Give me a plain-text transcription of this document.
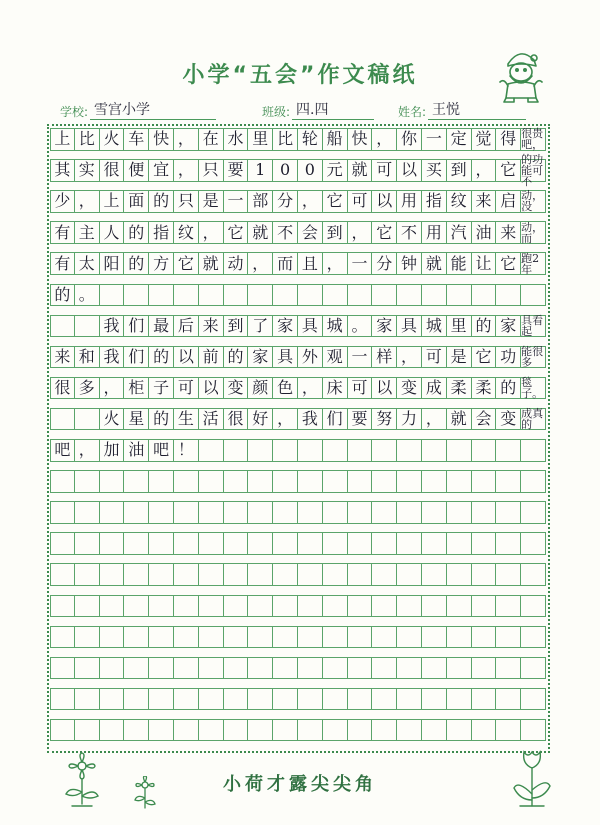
小学“五会”作文稿纸
学校: 雪宫小学	班级: 四.四	姓名: 王悦
上 比 火 车 快 ， 在 水 里 比 轮 船 快 ， 你 一 定 觉 得 很贵吧，
其 实 很 便 宜 ， 只 要 1 0 0 元 就 可 以 买 到 ， 它
的功能可不
少 ， 上 面 的 只 是 一 部 分 ， 它 可 以 用 指 纹 来 启 动，没
有 主 人 的 指 纹 ， 它 就 不 会 到 ， 它 不 用 汽 油 来 动，而
有 太 阳 的 方 它 就 动 ， 而 且 ， 一 分 钟 就 能 让 它 跑2年
的 。
我 们 最 后 来 到 了 家 具 城 。 家 具 城 里 的 家 具看起
来 和 我 们 的 以 前 的 家 具 外 观 一 样 ， 可 是 它 功 能很多
很 多 ， 柜 子 可 以 变 颜 色 ， 床 可 以 变 成 柔 柔 的 毯子。
火 星 的 生 活 很 好 ， 我 们 要 努 力 ， 就 会 变 成真的
吧 ， 加 油 吧 ！
小荷才露尖尖角
